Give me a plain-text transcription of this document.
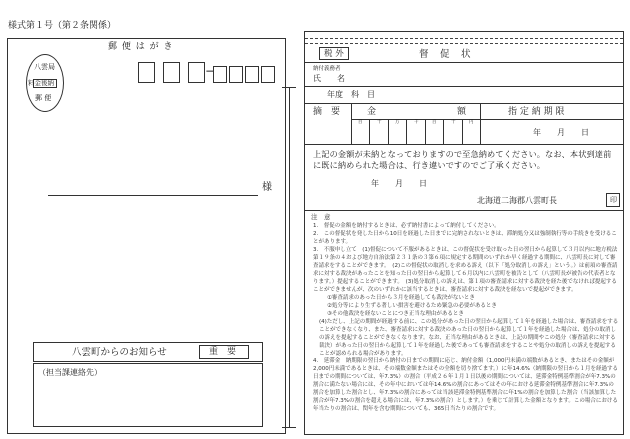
様式第１号（第２条関係）
郵 便 は が き
八雲局
料金後納
郵 便
−
様
八雲町からのお知らせ	重　要
（担当課連絡先）
税 外	督　促　状
納付義務者
氏　　名
年度 科　目
摘　要	金	額	指 定 納 期 限
百	十	万	千	百	十	円
年　　月　　日
上記の金額が未納となっておりますので至急納めてください。なお、本状到達前に既に納められた場合は、行き違いですのでご了承ください。
年　　月　　日
北海道二海郡八雲町長	印
注　意
1.　督促の金額を納付するときは、必ず納付書によって納付してください。
2.　この督促状を発した日から10日を経過した日までに完納されないときは、滞納処分又は強制執行等の手続きを受けることがあります。
3.　不服申し立て　(1)督促について不服があるときは、この督促状を受け取った日の翌日から起算して３月以内に地方税法第１９条の４および地方自治法第２３１条の３第６項に規定する期間のいずれか早く経過する期間に、八雲町長に対して審査請求をすることができます。　(2)この督促状の取消しを求める訴え（以下「処分取消しの訴え」という。）は前項の審査請求に対する裁決があったことを知った日の翌日から起算して６月以内に八雲町を被告として（八雲町長が被告の代表者となります。）提起することができます。　(3)処分取消しの訴えは、第１項の審査請求に対する裁決を経た後でなければ提起することができませんが、次のいずれかに該当するときは、審査請求に対する裁決を経ないで提起ができます。
①審査請求のあった日から３月を経過しても裁決がないとき
②処分等により生ずる著しい損害を避けるため緊急の必要があるとき
③その他裁決を経ないことにつき正当な理由があるとき
(4)ただし、上記の期間が経過する前に、この処分があった日の翌日から起算して１年を経過した場合は、審査請求をすることができなくなり、また、審査請求に対する裁決のあった日の翌日から起算して１年を経過した場合は、処分の取消しの訴えを提起することができなくなります。なお、正当な理由があるときは、上記の期間やこの処分（審査請求に対する裁決）があった日の翌日から起算して１年を経過した後であっても審査請求をすることや処分の取消しの訴えを提起することが認められる場合があります。
4.　延滞金　納期限の翌日から納付の日までの期間に応じ、納付金額（1,000円未満の端数があるとき、またはその金額が2,000円未満であるときは、その端数金額またはその全額を切り捨てます。）に年14.6%（納期限の翌日から１月を経過する日までの期間については、年7.3%）の割合（平成２６年１月１日以後の期間については、延滞金特例基準割合が年7.3%の割合に満たない場合には、その年中においては年14.6%の割合にあってはその年における延滞金特例基準割合に年7.3%の割合を加算した割合とし、年7.3%の割合にあっては当該延滞金特例基準割合に年1%の割合を加算した割合（当該加算した割合が年7.3%の割合を超える場合には、年7.3%の割合）とします。）を乗じて計算した金額となります。この場合における年当たりの割合は、閏年を含む期間についても、365日当たりの割合です。
